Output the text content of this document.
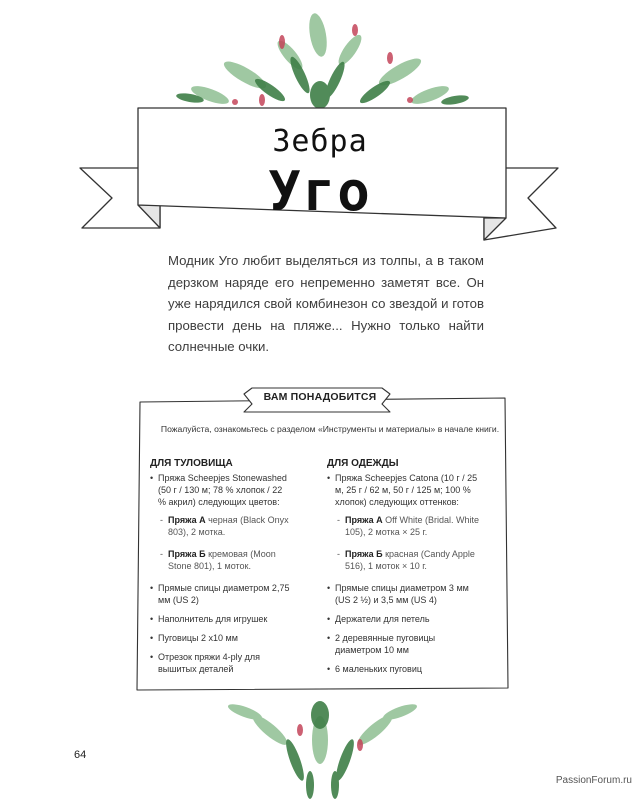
Зебра
Уго
Модник Уго любит выделяться из толпы, а в таком дерзком наряде его непременно заметят все. Он уже нарядился свой комбинезон со звездой и готов провести день на пляже... Нужно только найти солнечные очки.
ВАМ ПОНАДОБИТСЯ
Пожалуйста, ознакомьтесь с разделом «Инструменты и материалы» в начале книги.
ДЛЯ ТУЛОВИЩА
• Пряжа Scheepjes Stonewashed (50 г / 130 м; 78 % хлопок / 22 % акрил) следующих цветов:
- Пряжа А черная (Black Onyx 803), 2 мотка.
- Пряжа Б кремовая (Moon Stone 801), 1 моток.
• Прямые спицы диаметром 2,75 мм (US 2)
• Наполнитель для игрушек
• Пуговицы 2 х10 мм
• Отрезок пряжи 4-ply для вышитых деталей
ДЛЯ ОДЕЖДЫ
• Пряжа Scheepjes Catona (10 г / 25 м, 25 г / 62 м, 50 г / 125 м; 100 % хлопок) следующих оттенков:
- Пряжа А Off White (Bridal. White 105), 2 мотка × 25 г.
- Пряжа Б красная (Candy Apple 516), 1 моток × 10 г.
• Прямые спицы диаметром 3 мм (US 2 ½) и 3,5 мм (US 4)
• Держатели для петель
• 2 деревянные пуговицы диаметром 10 мм
• 6 маленьких пуговиц
64
PassionForum.ru
